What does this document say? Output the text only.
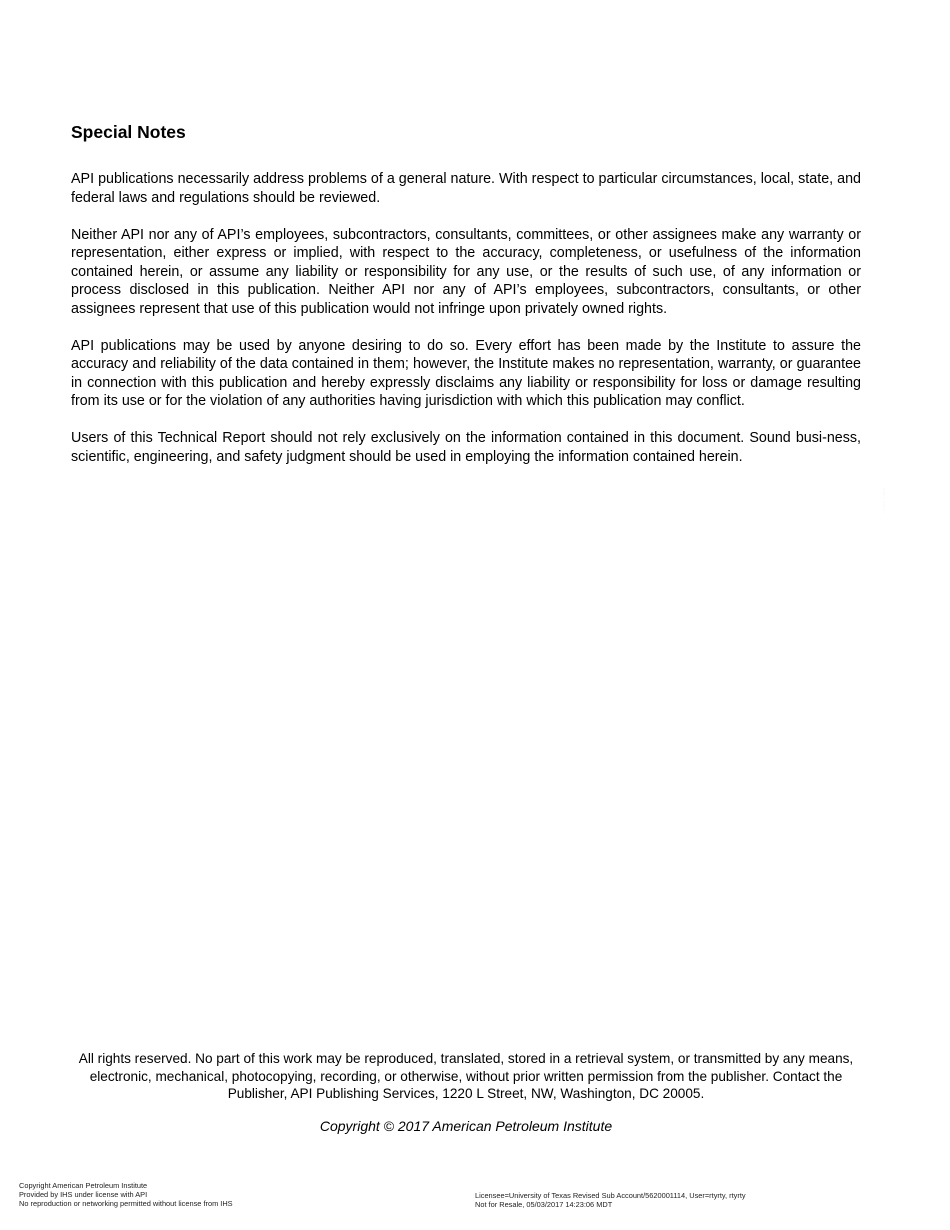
Special Notes

API publications necessarily address problems of a general nature. With respect to particular circumstances, local, state, and federal laws and regulations should be reviewed.

Neither API nor any of API’s employees, subcontractors, consultants, committees, or other assignees make any warranty or representation, either express or implied, with respect to the accuracy, completeness, or usefulness of the information contained herein, or assume any liability or responsibility for any use, or the results of such use, of any information or process disclosed in this publication. Neither API nor any of API’s employees, subcontractors, consultants, or other assignees represent that use of this publication would not infringe upon privately owned rights.

API publications may be used by anyone desiring to do so. Every effort has been made by the Institute to assure the accuracy and reliability of the data contained in them; however, the Institute makes no representation, warranty, or guarantee in connection with this publication and hereby expressly disclaims any liability or responsibility for loss or damage resulting from its use or for the violation of any authorities having jurisdiction with which this publication may conflict.

Users of this Technical Report should not rely exclusively on the information contained in this document. Sound busi-ness, scientific, engineering, and safety judgment should be used in employing the information contained herein.

,,,,,,`,,,,,,,``,`,`,,`,,,`,,,,,,,`,,`,,`-`

All rights reserved. No part of this work may be reproduced, translated, stored in a retrieval system, or transmitted by any means, electronic, mechanical, photocopying, recording, or otherwise, without prior written permission from the publisher. Contact the Publisher, API Publishing Services, 1220 L Street, NW, Washington, DC 20005.

Copyright © 2017 American Petroleum Institute

Copyright American Petroleum Institute
Provided by IHS under license with API
No reproduction or networking permitted without license from IHS
Licensee=University of Texas Revised Sub Account/5620001114, User=rtyrty, rtyrty
Not for Resale, 05/03/2017 14:23:06 MDT
